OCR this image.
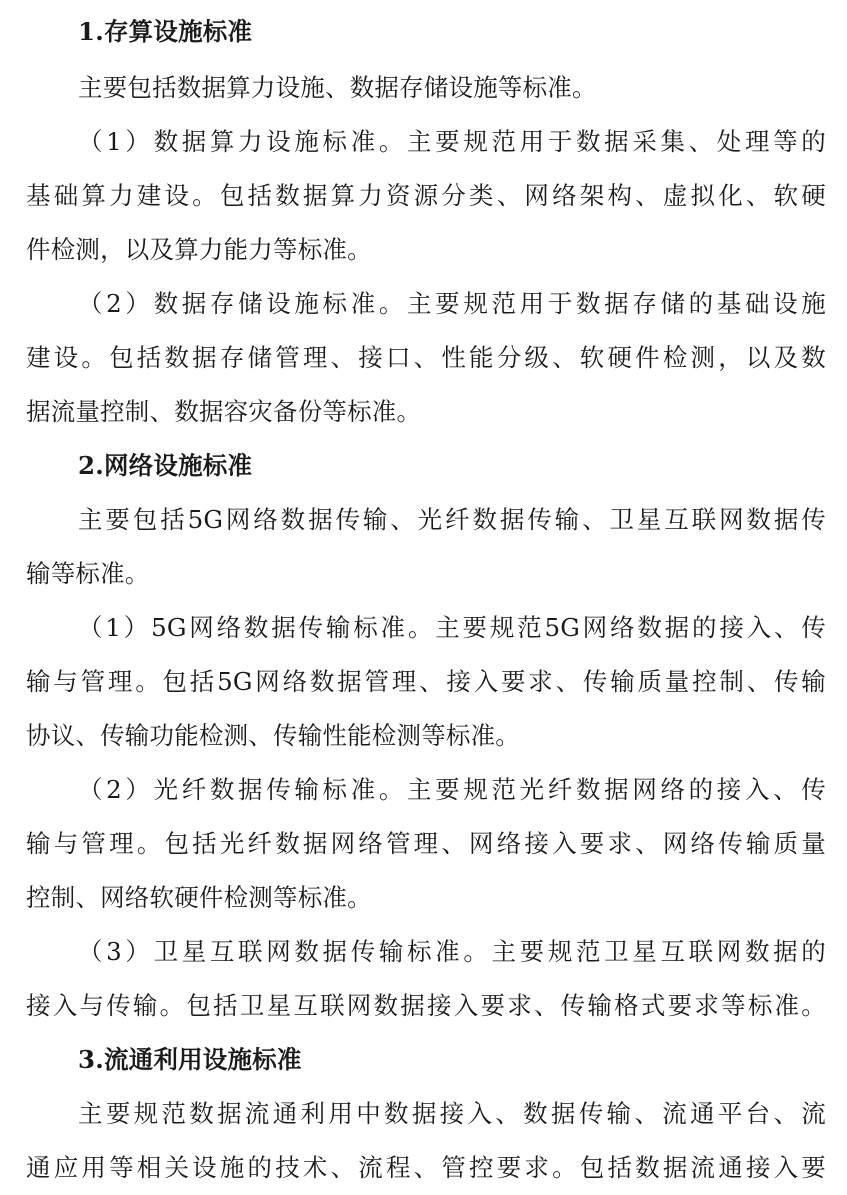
1.存算设施标准
主要包括数据算力设施、数据存储设施等标准。
（1）数据算力设施标准。主要规范用于数据采集、处理等的
基础算力建设。包括数据算力资源分类、网络架构、虚拟化、软硬
件检测，以及算力能力等标准。
（2）数据存储设施标准。主要规范用于数据存储的基础设施
建设。包括数据存储管理、接口、性能分级、软硬件检测，以及数
据流量控制、数据容灾备份等标准。
2.网络设施标准
主要包括5G网络数据传输、光纤数据传输、卫星互联网数据传
输等标准。
（1）5G网络数据传输标准。主要规范5G网络数据的接入、传
输与管理。包括5G网络数据管理、接入要求、传输质量控制、传输
协议、传输功能检测、传输性能检测等标准。
（2）光纤数据传输标准。主要规范光纤数据网络的接入、传
输与管理。包括光纤数据网络管理、网络接入要求、网络传输质量
控制、网络软硬件检测等标准。
（3）卫星互联网数据传输标准。主要规范卫星互联网数据的
接入与传输。包括卫星互联网数据接入要求、传输格式要求等标准。
3.流通利用设施标准
主要规范数据流通利用中数据接入、数据传输、流通平台、流
通应用等相关设施的技术、流程、管控要求。包括数据流通接入要
